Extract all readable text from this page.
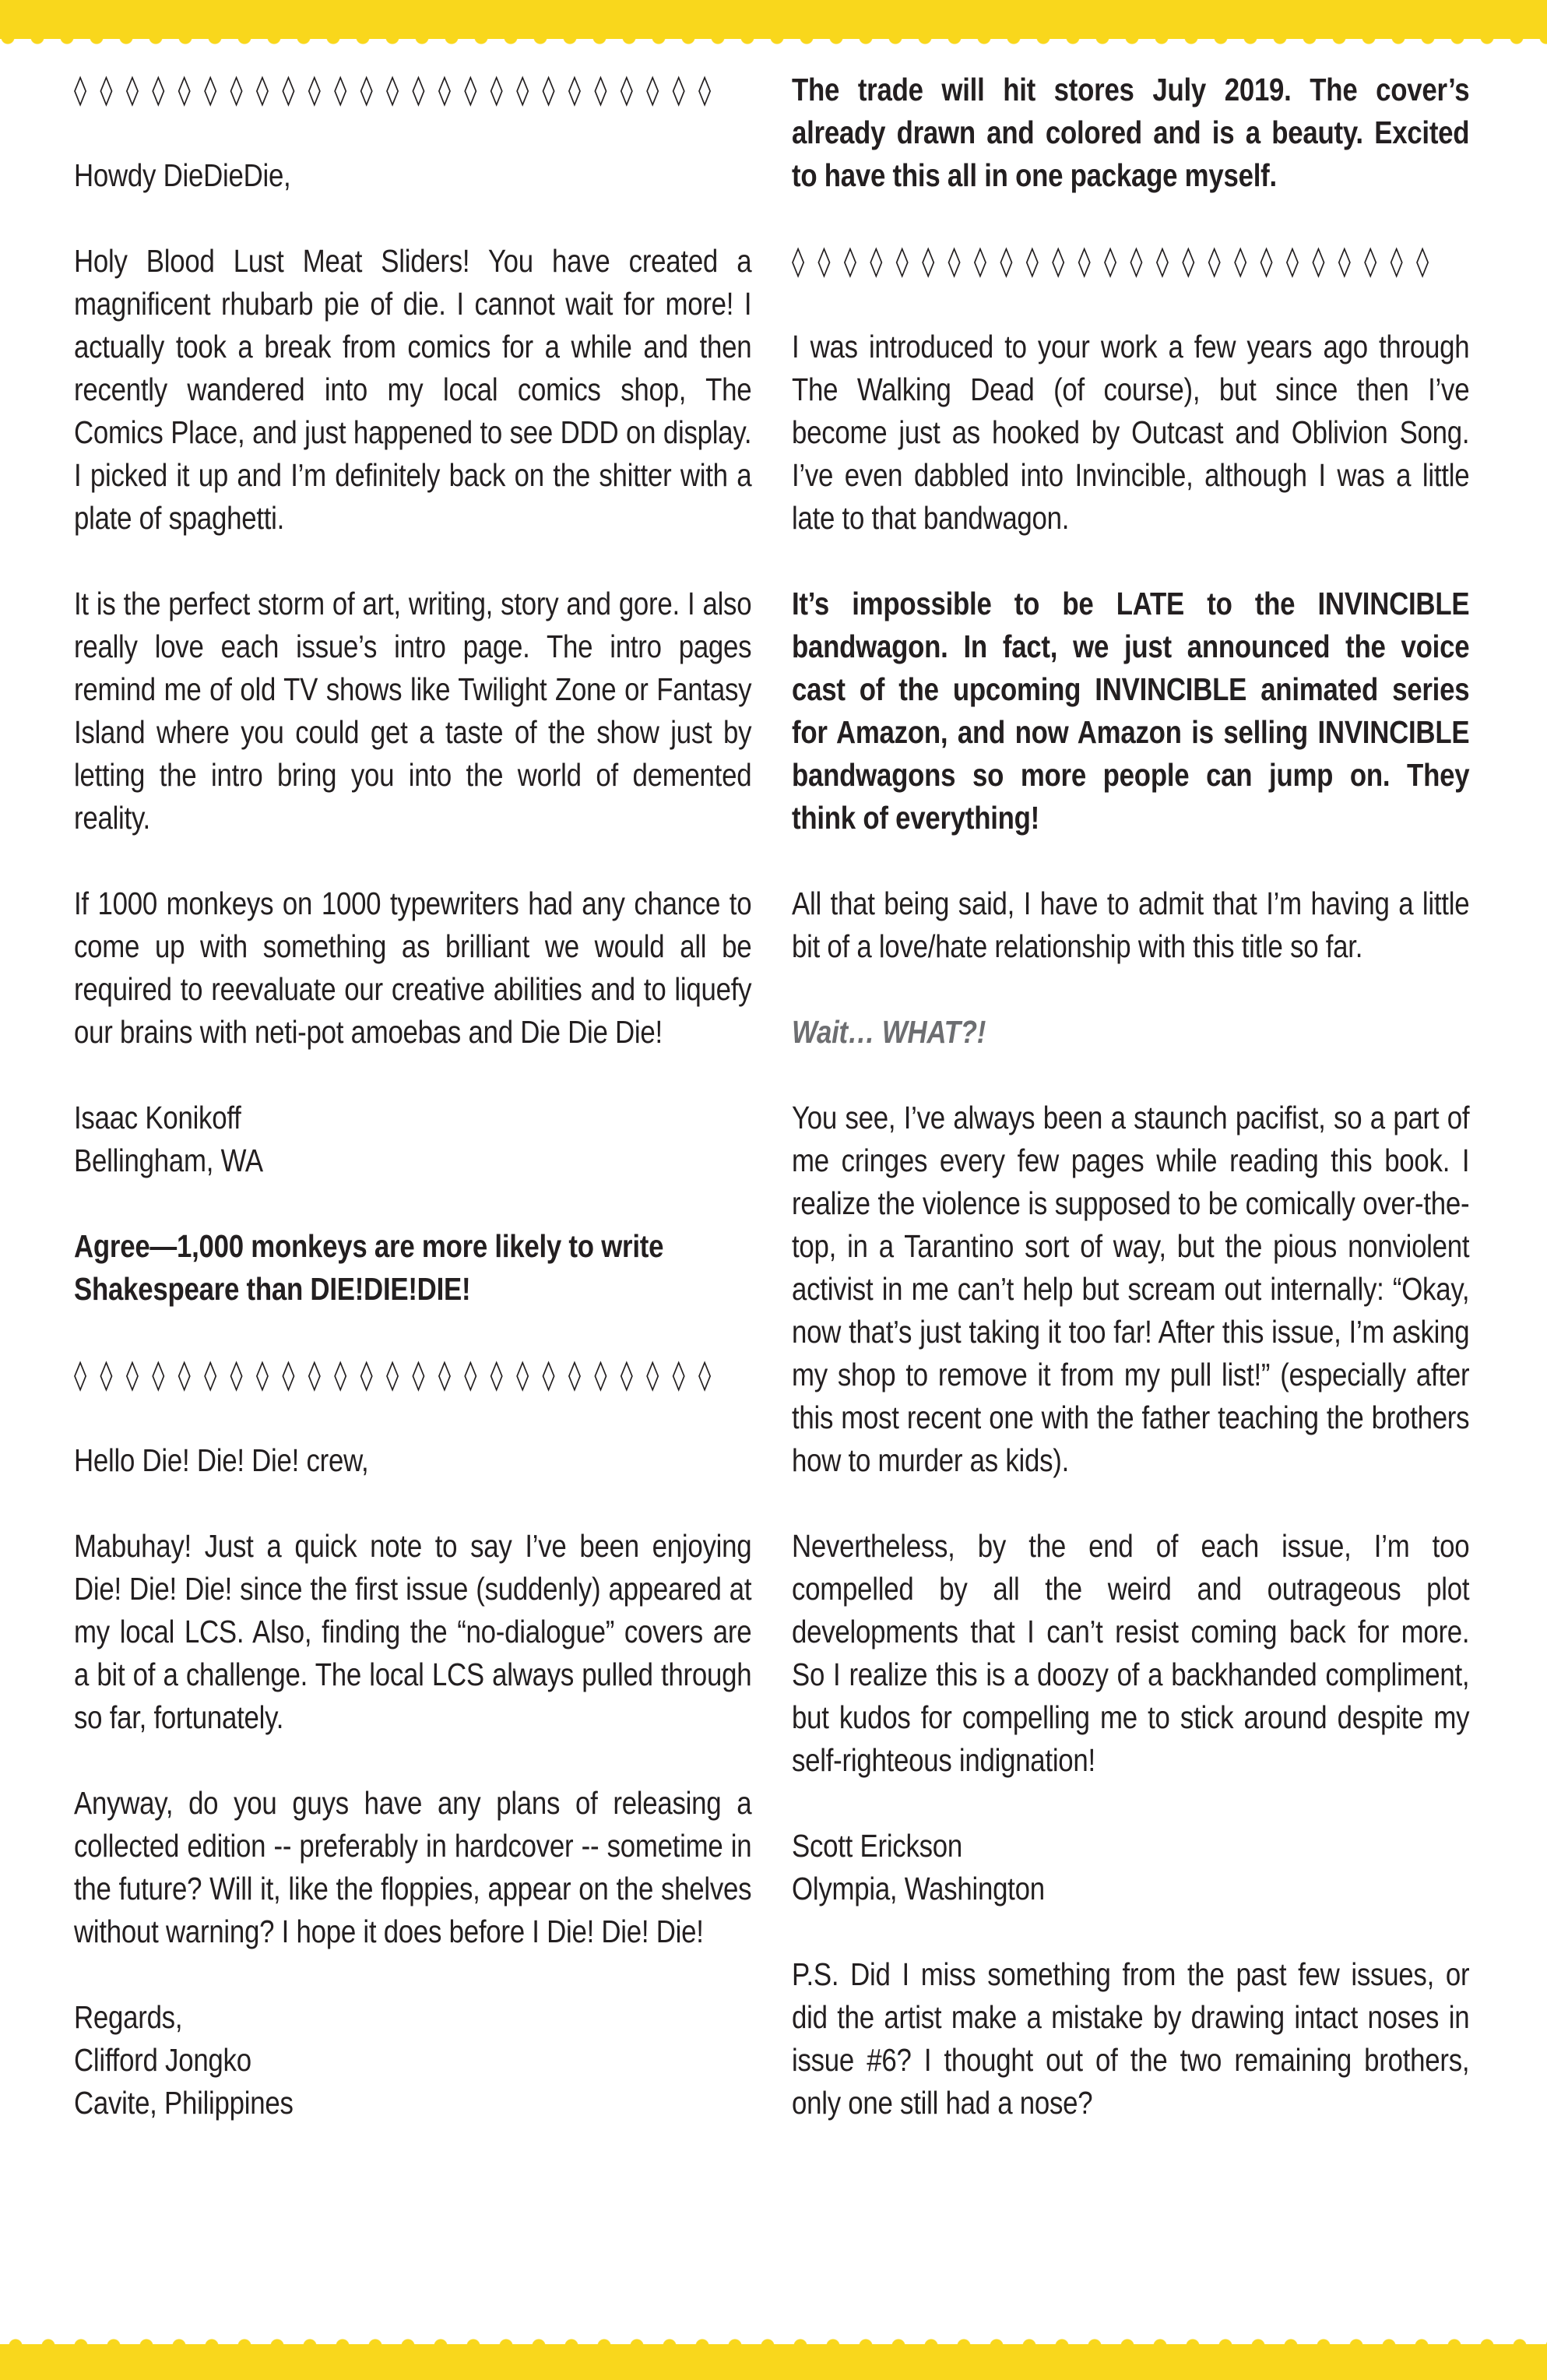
◊ ◊ ◊ ◊ ◊ ◊ ◊ ◊ ◊ ◊ ◊ ◊ ◊ ◊ ◊ ◊ ◊ ◊ ◊ ◊ ◊ ◊ ◊ ◊ ◊

Howdy DieDieDie,

Holy Blood Lust Meat Sliders! You have created a magnificent rhubarb pie of die. I cannot wait for more! I actually took a break from comics for a while and then recently wandered into my local comics shop, The Comics Place, and just happened to see DDD on display. I picked it up and I’m definitely back on the shitter with a plate of spaghetti.

It is the perfect storm of art, writing, story and gore. I also really love each issue’s intro page. The intro pages remind me of old TV shows like Twilight Zone or Fantasy Island where you could get a taste of the show just by letting the intro bring you into the world of demented reality.

If 1000 monkeys on 1000 typewriters had any chance to come up with something as brilliant we would all be required to reevaluate our creative abilities and to liquefy our brains with neti-pot amoebas and Die Die Die!

Isaac Konikoff
Bellingham, WA

Agree—1,000 monkeys are more likely to write Shakespeare than DIE!DIE!DIE!

◊ ◊ ◊ ◊ ◊ ◊ ◊ ◊ ◊ ◊ ◊ ◊ ◊ ◊ ◊ ◊ ◊ ◊ ◊ ◊ ◊ ◊ ◊ ◊ ◊

Hello Die! Die! Die! crew,

Mabuhay! Just a quick note to say I’ve been enjoying Die! Die! Die! since the first issue (suddenly) appeared at my local LCS. Also, finding the “no-dialogue” covers are a bit of a challenge. The local LCS always pulled through so far, fortunately.

Anyway, do you guys have any plans of releasing a collected edition -- preferably in hardcover -- sometime in the future? Will it, like the floppies, appear on the shelves without warning? I hope it does before I Die! Die! Die!

Regards,
Clifford Jongko
Cavite, Philippines

The trade will hit stores July 2019. The cover’s already drawn and colored and is a beauty. Excited to have this all in one package myself.

◊ ◊ ◊ ◊ ◊ ◊ ◊ ◊ ◊ ◊ ◊ ◊ ◊ ◊ ◊ ◊ ◊ ◊ ◊ ◊ ◊ ◊ ◊ ◊ ◊

I was introduced to your work a few years ago through The Walking Dead (of course), but since then I’ve become just as hooked by Outcast and Oblivion Song. I’ve even dabbled into Invincible, although I was a little late to that bandwagon.

It’s impossible to be LATE to the INVINCIBLE bandwagon. In fact, we just announced the voice cast of the upcoming INVINCIBLE animated series for Amazon, and now Amazon is selling INVINCIBLE bandwagons so more people can jump on. They think of everything!

All that being said, I have to admit that I’m having a little bit of a love/hate relationship with this title so far.

Wait… WHAT?!

You see, I’ve always been a staunch pacifist, so a part of me cringes every few pages while reading this book. I realize the violence is supposed to be comically over-the-top, in a Tarantino sort of way, but the pious nonviolent activist in me can’t help but scream out internally: “Okay, now that’s just taking it too far! After this issue, I’m asking my shop to remove it from my pull list!” (especially after this most recent one with the father teaching the brothers how to murder as kids).

Nevertheless, by the end of each issue, I’m too compelled by all the weird and outrageous plot developments that I can’t resist coming back for more. So I realize this is a doozy of a backhanded compliment, but kudos for compelling me to stick around despite my self-righteous indignation!

Scott Erickson
Olympia, Washington

P.S. Did I miss something from the past few issues, or did the artist make a mistake by drawing intact noses in issue #6? I thought out of the two remaining brothers, only one still had a nose?
